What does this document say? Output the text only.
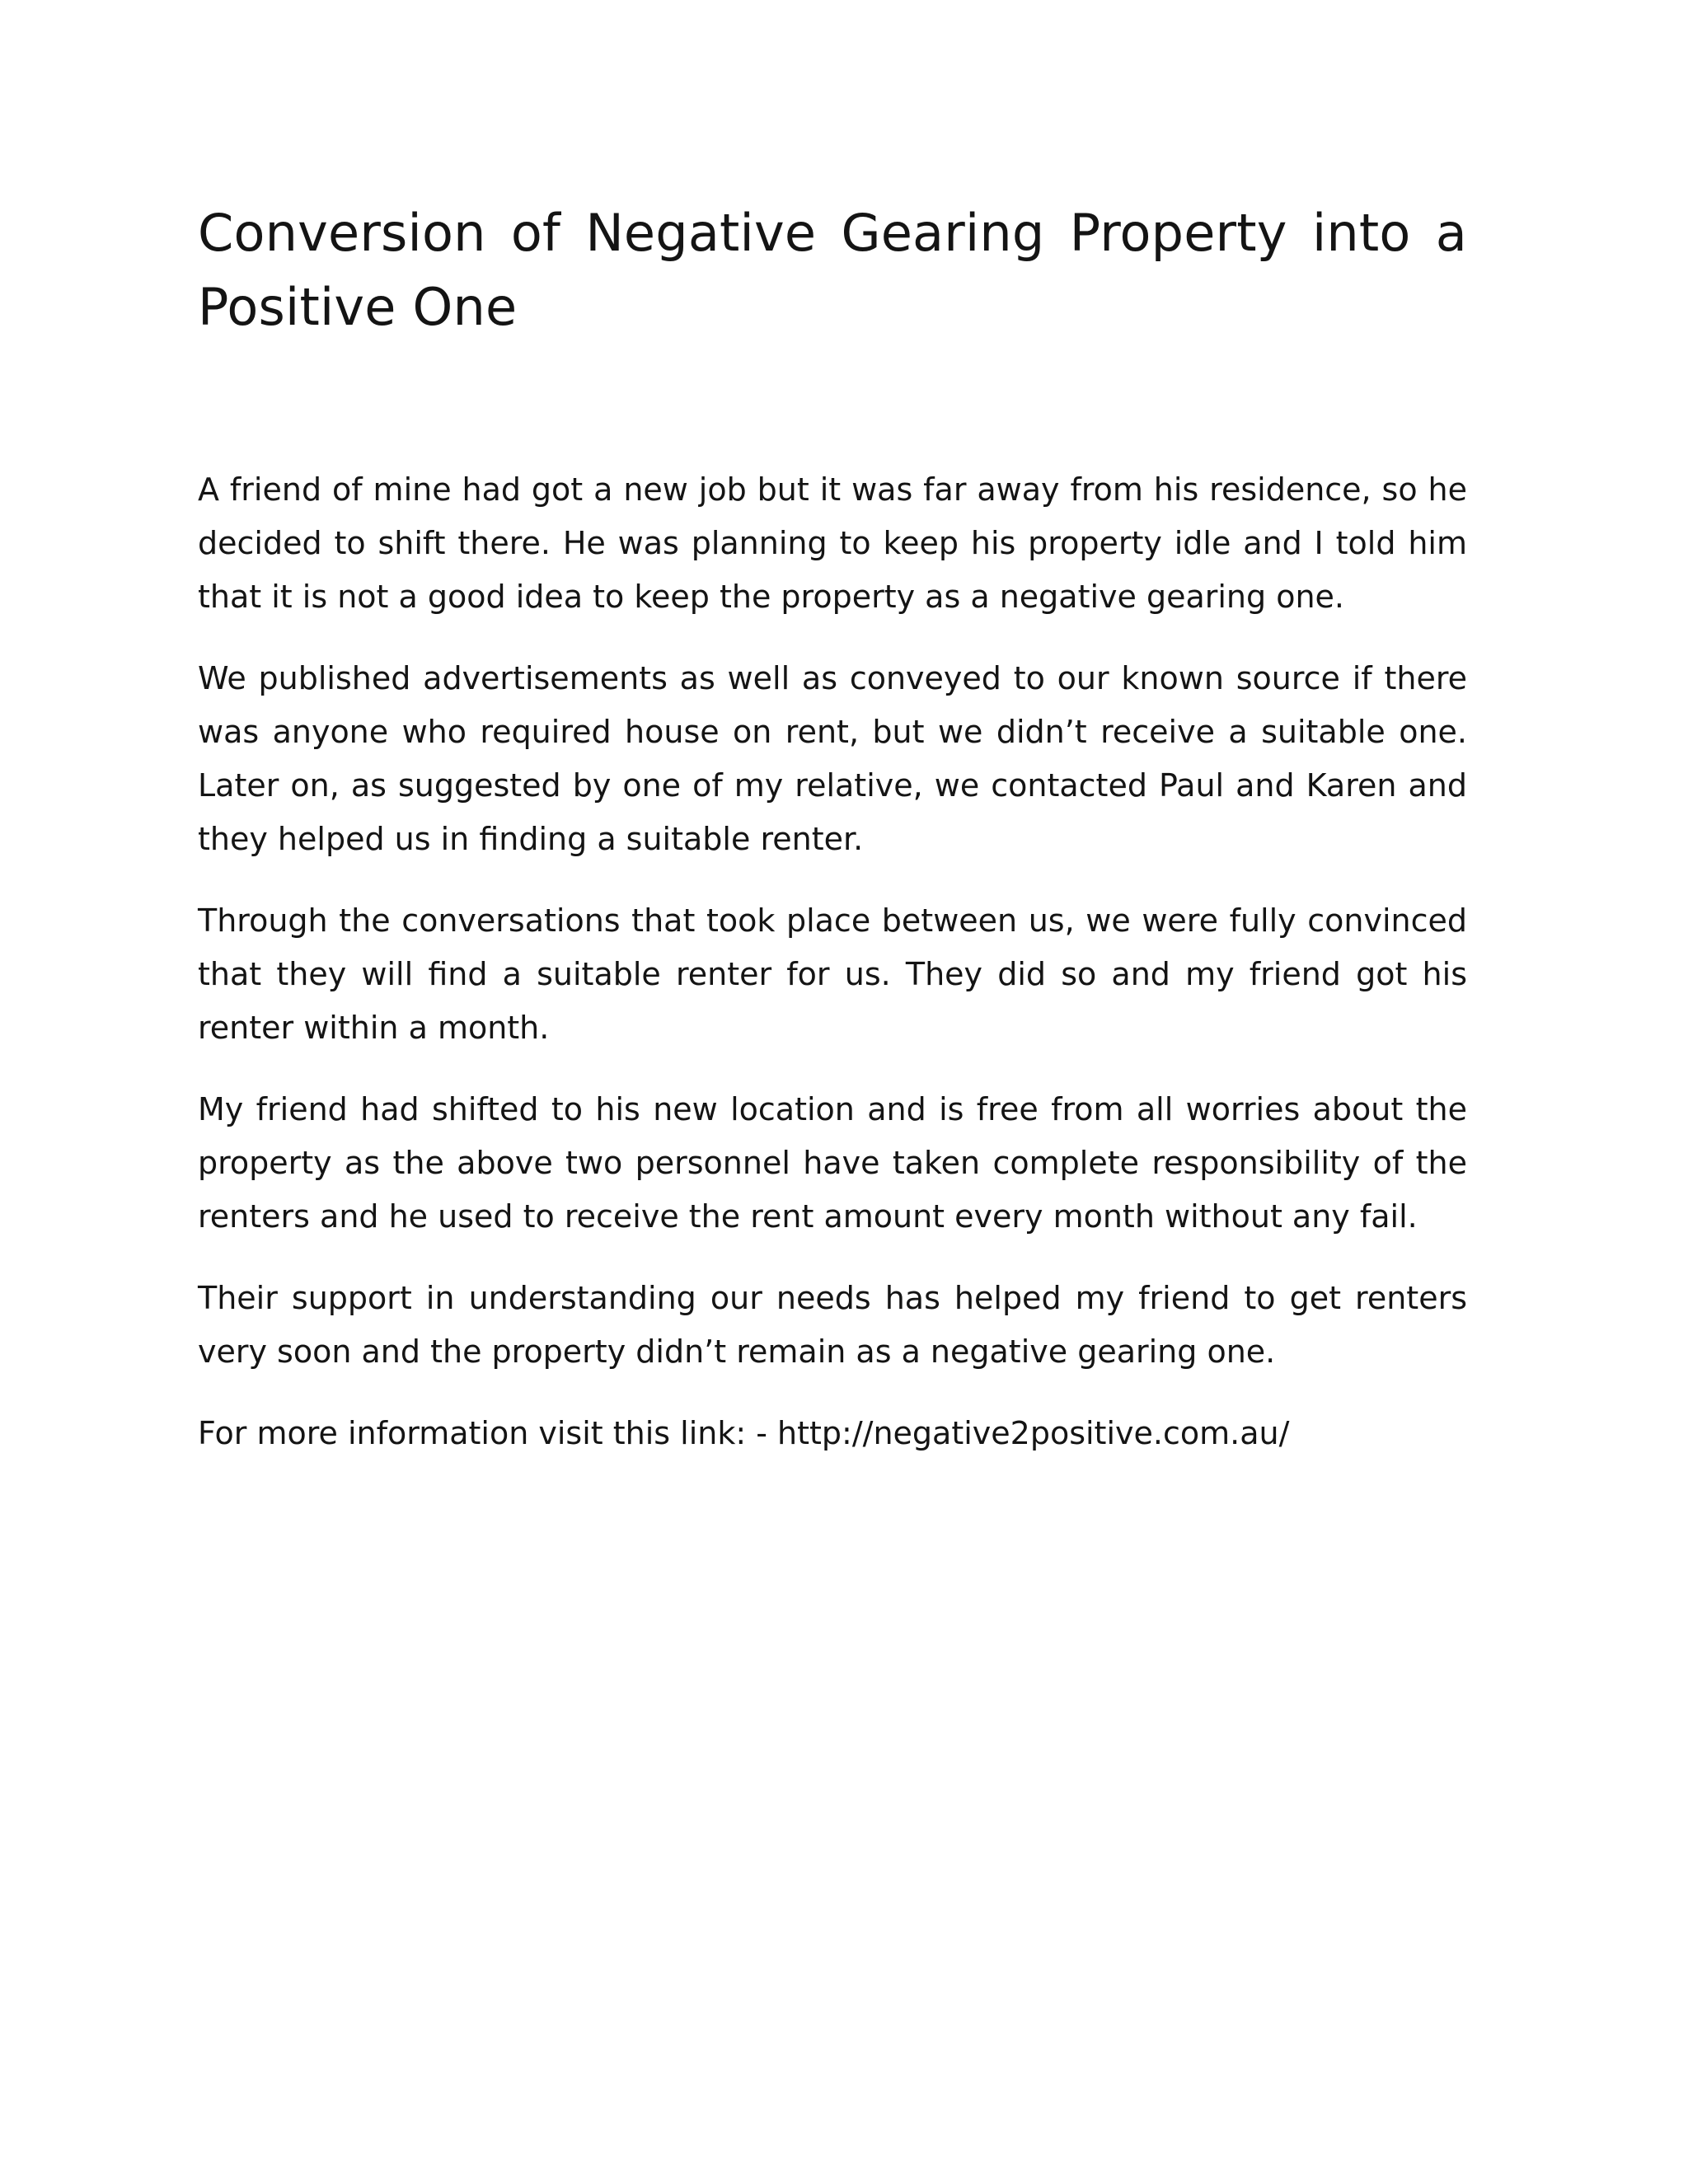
Conversion of Negative Gearing Property into a Positive One

A friend of mine had got a new job but it was far away from his residence, so he decided to shift there. He was planning to keep his property idle and I told him that it is not a good idea to keep the property as a negative gearing one.

We published advertisements as well as conveyed to our known source if there was anyone who required house on rent, but we didn’t receive a suitable one. Later on, as suggested by one of my relative, we contacted Paul and Karen and they helped us in finding a suitable renter.

Through the conversations that took place between us, we were fully convinced that they will find a suitable renter for us. They did so and my friend got his renter within a month.

My friend had shifted to his new location and is free from all worries about the property as the above two personnel have taken complete responsibility of the renters and he used to receive the rent amount every month without any fail.

Their support in understanding our needs has helped my friend to get renters very soon and the property didn’t remain as a negative gearing one.

For more information visit this link: - http://negative2positive.com.au/
